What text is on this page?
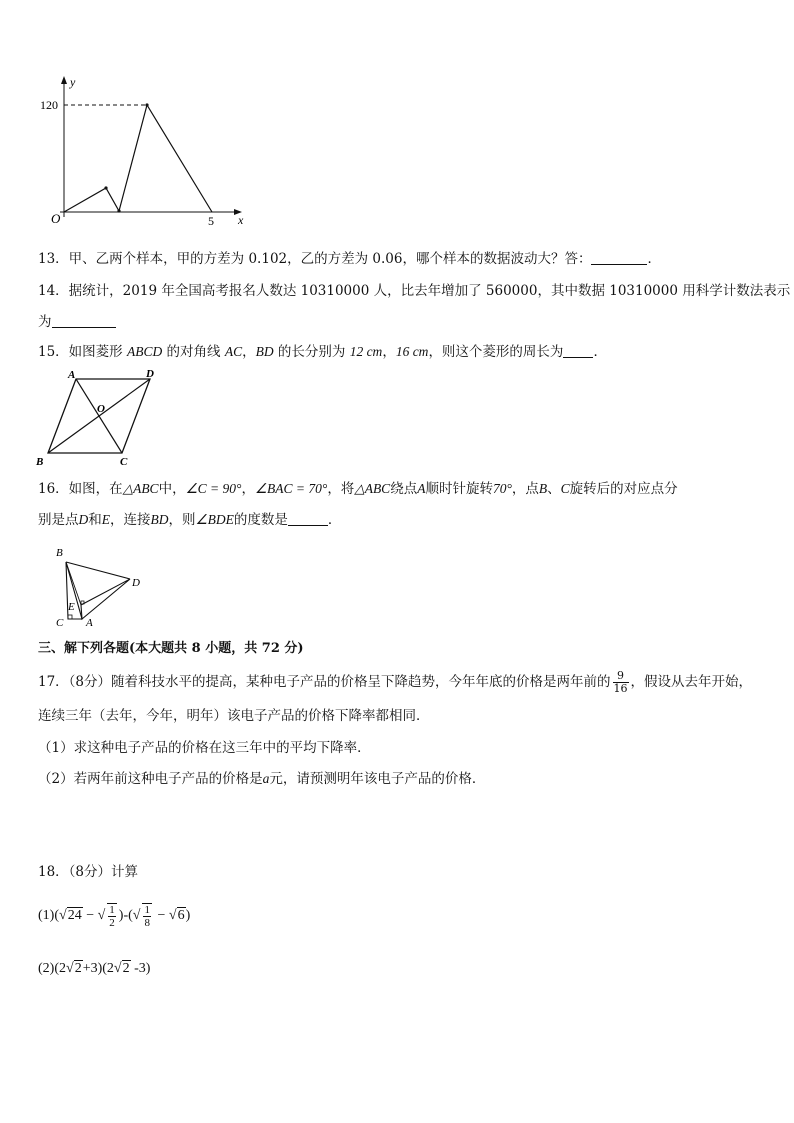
y
x
O
120
5
13．甲、乙两个样本，甲的方差为 0.102，乙的方差为 0.06，哪个样本的数据波动大？答：	．
14．据统计，2019 年全国高考报名人数达 10310000 人，比去年增加了 560000，其中数据 10310000 用科学计数法表示
为
15．如图菱形 ABCD 的对角线 AC，BD 的长分别为 12 cm，16 cm，则这个菱形的周长为 ．
A	D
O
B	C
16．如图，在△ABC中，∠C = 90°，∠BAC = 70°，将△ABC绕点A顺时针旋转70°，点B、C旋转后的对应点分
别是点D和E，连接BD，则∠BDE的度数是	．
B
D
E
C A
三、解下列各题(本大题共 8 小题，共 72 分)
17．（8分）随着科技水平的提高，某种电子产品的价格呈下降趋势，今年年底的价格是两年前的 $\frac{9}{16}$ ，假设从去年开始，
连续三年（去年，今年，明年）该电子产品的价格下降率都相同．
（1）求这种电子产品的价格在这三年中的平均下降率．
（2）若两年前这种电子产品的价格是a元，请预测明年该电子产品的价格．
18．（8分）计算
(1)(√24 − √ $\frac{1}{2}$ )-(√ $\frac{1}{8} - √6$)
(2)(2√2+3)(2√2 -3)
